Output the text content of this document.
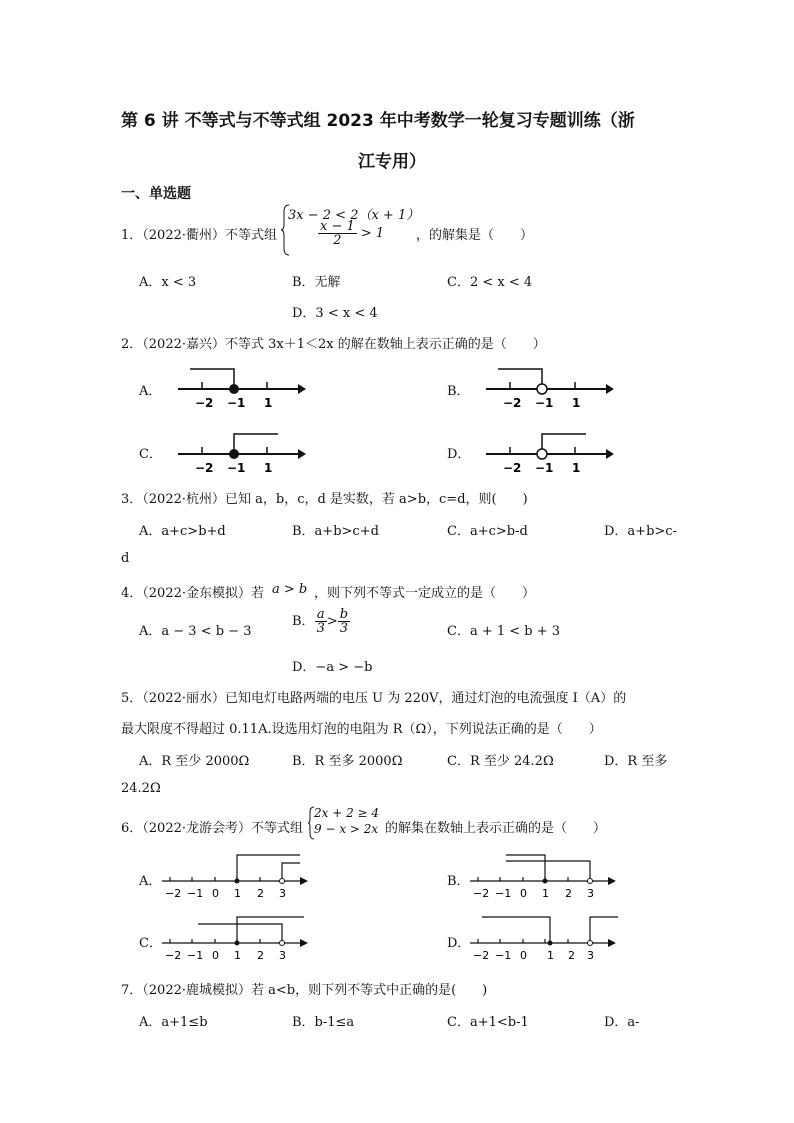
第 6 讲 不等式与不等式组 2023 年中考数学一轮复习专题训练（浙
江专用）
一、单选题
1．（2022·衢州）不等式组
3x − 2 < 2（x + 1）
$\frac{x - 1}{2} > 1$ ，的解集是（　　）
A．x < 3	B．无解	C．2 < x < 4
D．3 < x < 4
2．（2022·嘉兴）不等式 3x＋1＜2x 的解在数轴上表示正确的是（　　）
A．	B．
C．	D．
−2 −1 1	−2 −1 1
−2 −1 1	−2 −1 1
3．（2022·杭州）已知 a，b，c，d 是实数，若 a>b，c=d，则(　　)
A．a+c>b+d	B．a+b>c+d	C．a+c>b-d	D．a+b>c-
d
4．（2022·金东模拟）若 a > b ，则下列不等式一定成立的是（　　）
A．a − 3 < b − 3
B． $\frac{a}{3} > \frac{b}{3}$	C．a + 1 < b + 3
D．−a > −b
5．（2022·丽水）已知电灯电路两端的电压 U 为 220V，通过灯泡的电流强度 I（A）的
最大限度不得超过 0.11A.设选用灯泡的电阻为 R（Ω），下列说法正确的是（　　）
A．R 至少 2000Ω	B．R 至多 2000Ω	C．R 至少 24.2Ω	D．R 至多
24.2Ω
6．（2022·龙游会考）不等式组
2x + 2 ≥ 4
9 − x > 2x 的解集在数轴上表示正确的是（　　）
A．	B．
C．	D．
−2 −1 0 1 2 3	−2 −1 0 1 2 3
−2 −1 0 1 2 3	−2 −1 0 1 2 3
7．（2022·鹿城模拟）若 a<b，则下列不等式中正确的是(　　)
A．a+1≤b	B．b-1≤a	C．a+1<b-1	D．a-
